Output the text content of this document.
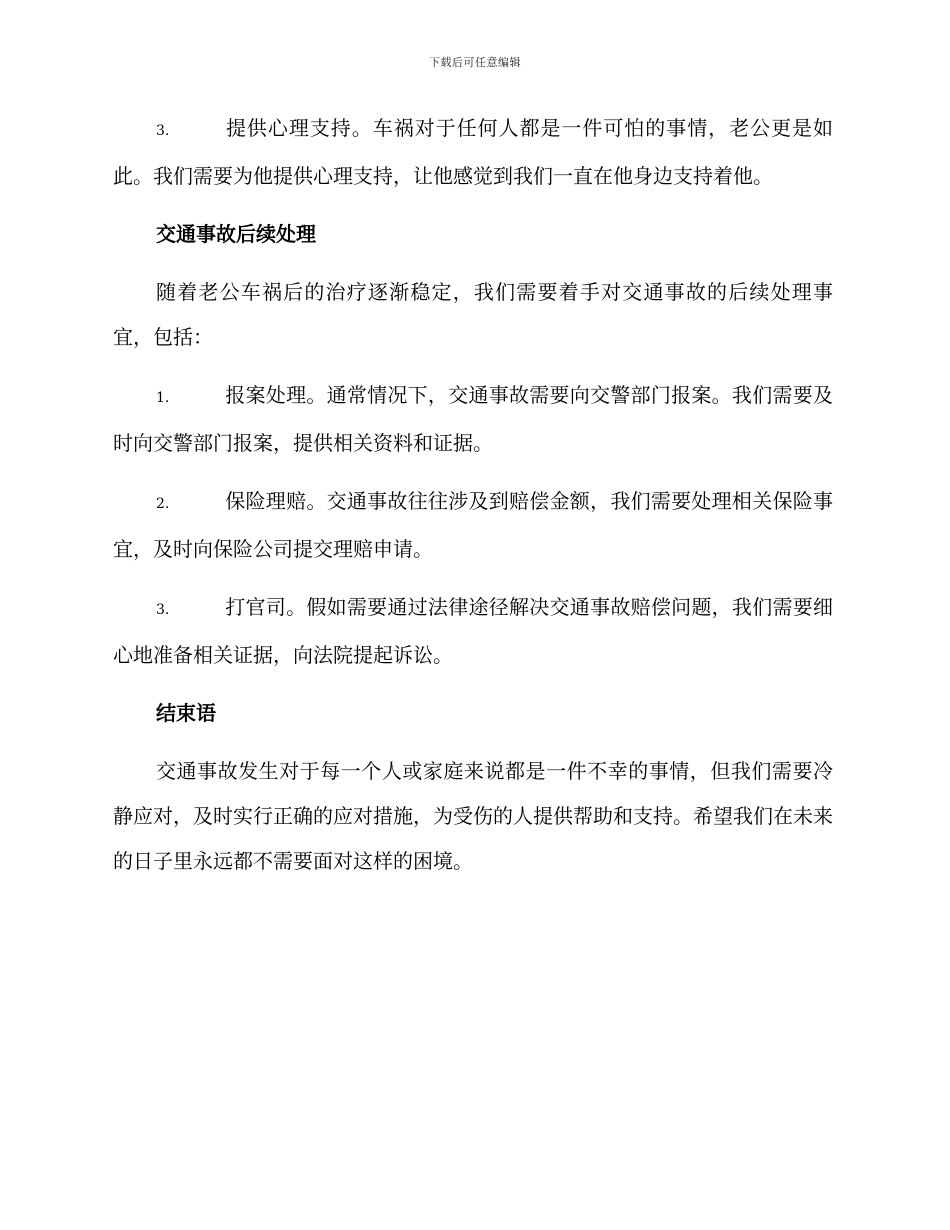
下载后可任意编辑

3.	提供心理支持。车祸对于任何人都是一件可怕的事情，老公更是如此。我们需要为他提供心理支持，让他感觉到我们一直在他身边支持着他。

交通事故后续处理

随着老公车祸后的治疗逐渐稳定，我们需要着手对交通事故的后续处理事宜，包括：

1.	报案处理。通常情况下，交通事故需要向交警部门报案。我们需要及时向交警部门报案，提供相关资料和证据。

2.	保险理赔。交通事故往往涉及到赔偿金额，我们需要处理相关保险事宜，及时向保险公司提交理赔申请。

3.	打官司。假如需要通过法律途径解决交通事故赔偿问题，我们需要细心地准备相关证据，向法院提起诉讼。

结束语

交通事故发生对于每一个人或家庭来说都是一件不幸的事情，但我们需要冷静应对，及时实行正确的应对措施，为受伤的人提供帮助和支持。希望我们在未来的日子里永远都不需要面对这样的困境。
